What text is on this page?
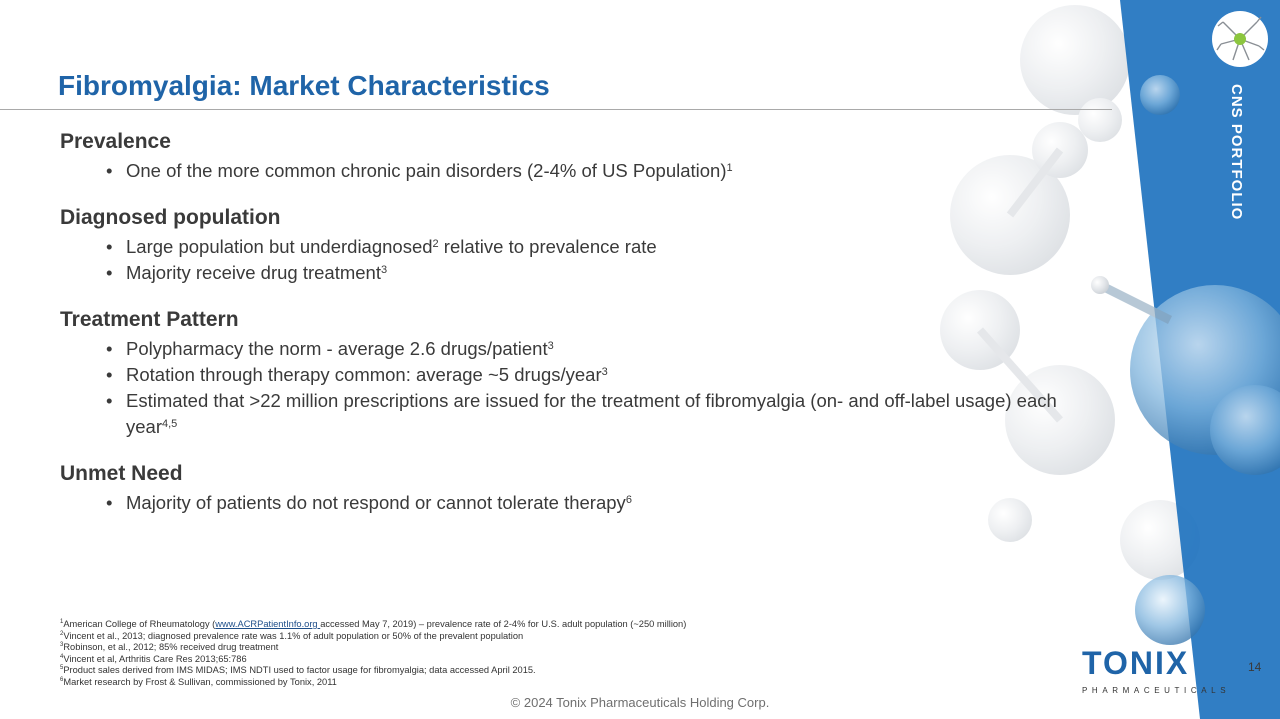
CNS PORTFOLIO
Fibromyalgia: Market Characteristics
Prevalence
• One of the more common chronic pain disorders (2-4% of US Population)$^1$
Diagnosed population
• Large population but underdiagnosed$^2$ relative to prevalence rate
• Majority receive drug treatment$^3$
Treatment Pattern
• Polypharmacy the norm - average 2.6 drugs/patient$^3$
• Rotation through therapy common: average ~5 drugs/year$^3$
• Estimated that >22 million prescriptions are issued for the treatment of fibromyalgia (on- and off-label usage) each year$^{4,5}$
Unmet Need
• Majority of patients do not respond or cannot tolerate therapy$^6$
$^1$American College of Rheumatology (www.ACRPatientInfo.org accessed May 7, 2019) – prevalence rate of 2-4% for U.S. adult population (~250 million)
$^2$Vincent et al., 2013; diagnosed prevalence rate was 1.1% of adult population or 50% of the prevalent population
$^3$Robinson, et al., 2012; 85% received drug treatment
$^4$Vincent et al, Arthritis Care Res 2013;65:786
$^5$Product sales derived from IMS MIDAS; IMS NDTI used to factor usage for fibromyalgia; data accessed April 2015.
$^6$Market research by Frost & Sullivan, commissioned by Tonix, 2011
© 2024 Tonix Pharmaceuticals Holding Corp.
14
TONIX
PHARMACEUTICALS
